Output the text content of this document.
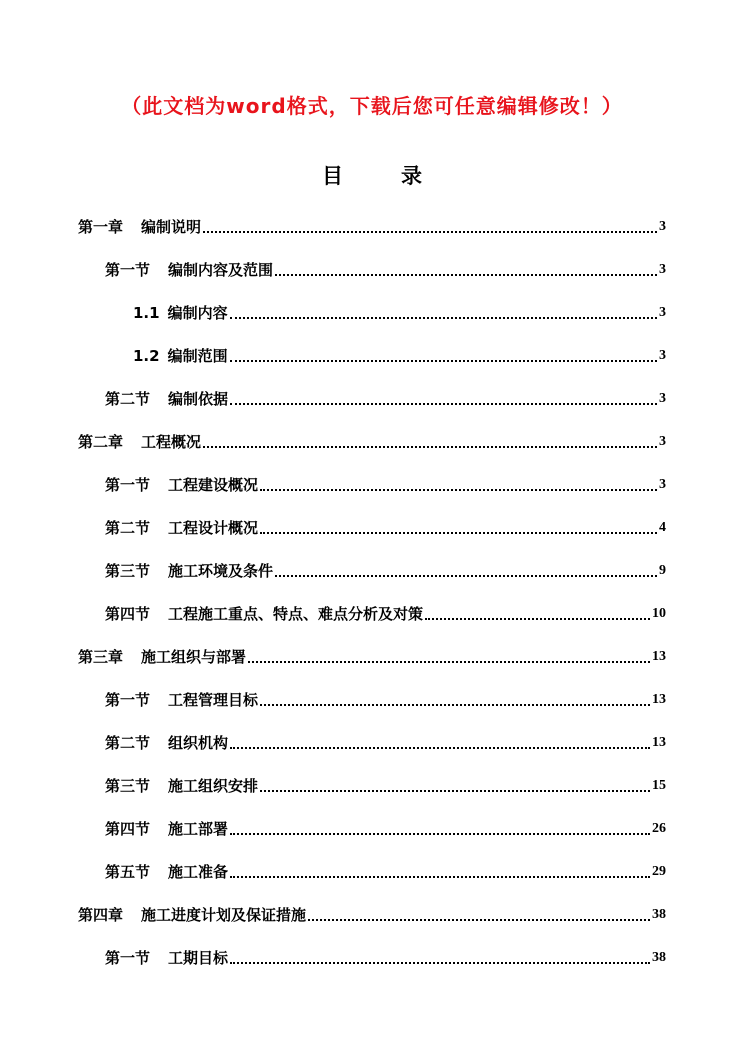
（此文档为word格式，下载后您可任意编辑修改！）
目	录
第一章 编制说明	3
第一节 编制内容及范围	3
1.1 编制内容	3
1.2 编制范围	3
第二节 编制依据	3
第二章 工程概况	3
第一节 工程建设概况	3
第二节 工程设计概况	4
第三节 施工环境及条件	9
第四节 工程施工重点、特点、难点分析及对策	10
第三章 施工组织与部署	13
第一节 工程管理目标	13
第二节 组织机构	13
第三节 施工组织安排	15
第四节 施工部署	26
第五节 施工准备	29
第四章 施工进度计划及保证措施	38
第一节 工期目标	38
